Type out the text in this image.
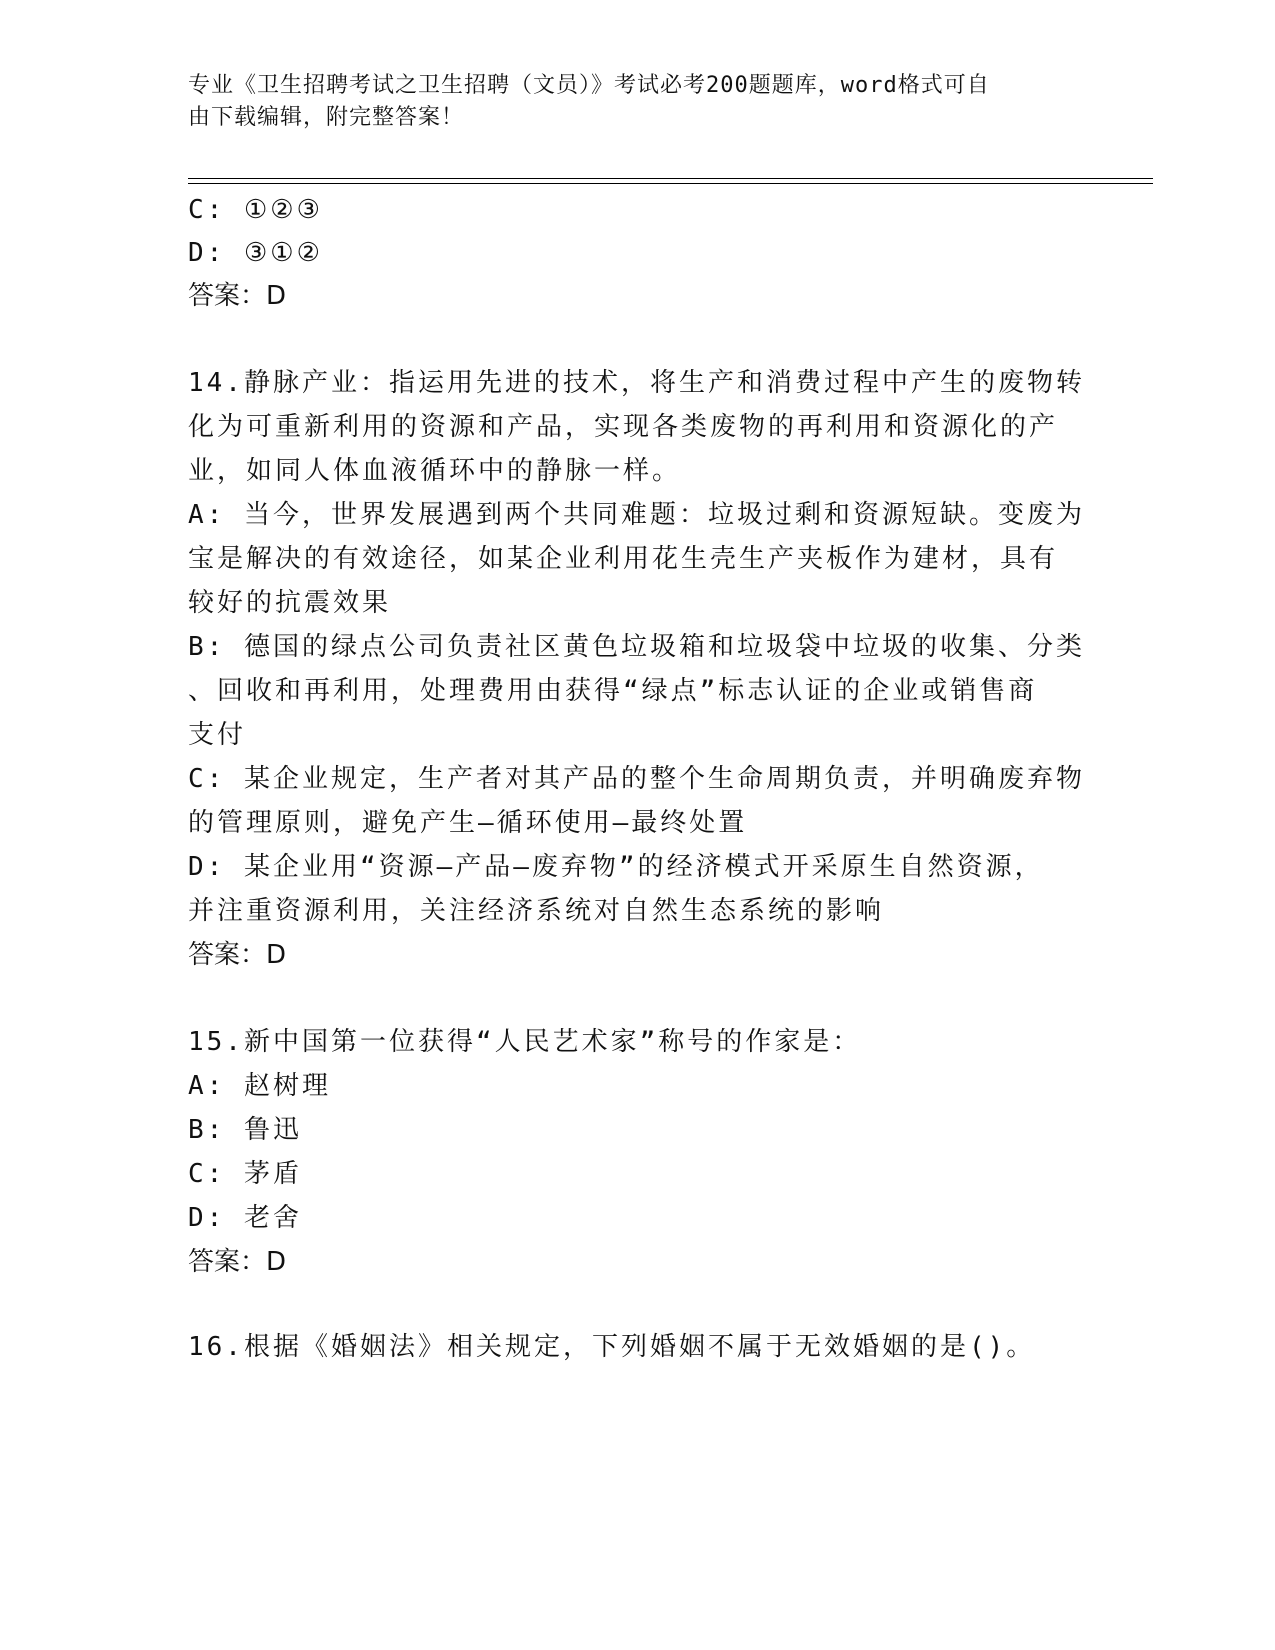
专业《卫生招聘考试之卫生招聘（文员）》考试必考200题题库，word格式可自
由下载编辑，附完整答案！
C: ①②③
D: ③①②
答案：D
14.静脉产业：指运用先进的技术，将生产和消费过程中产生的废物转
化为可重新利用的资源和产品，实现各类废物的再利用和资源化的产
业，如同人体血液循环中的静脉一样。
A: 当今，世界发展遇到两个共同难题：垃圾过剩和资源短缺。变废为
宝是解决的有效途径，如某企业利用花生壳生产夹板作为建材，具有
较好的抗震效果
B: 德国的绿点公司负责社区黄色垃圾箱和垃圾袋中垃圾的收集、分类
、回收和再利用，处理费用由获得“绿点”标志认证的企业或销售商
支付
C: 某企业规定，生产者对其产品的整个生命周期负责，并明确废弃物
的管理原则，避免产生—循环使用—最终处置
D: 某企业用“资源—产品—废弃物”的经济模式开采原生自然资源，
并注重资源利用，关注经济系统对自然生态系统的影响
答案：D
15.新中国第一位获得“人民艺术家”称号的作家是：
A: 赵树理
B: 鲁迅
C: 茅盾
D: 老舍
答案：D
16.根据《婚姻法》相关规定，下列婚姻不属于无效婚姻的是()。
